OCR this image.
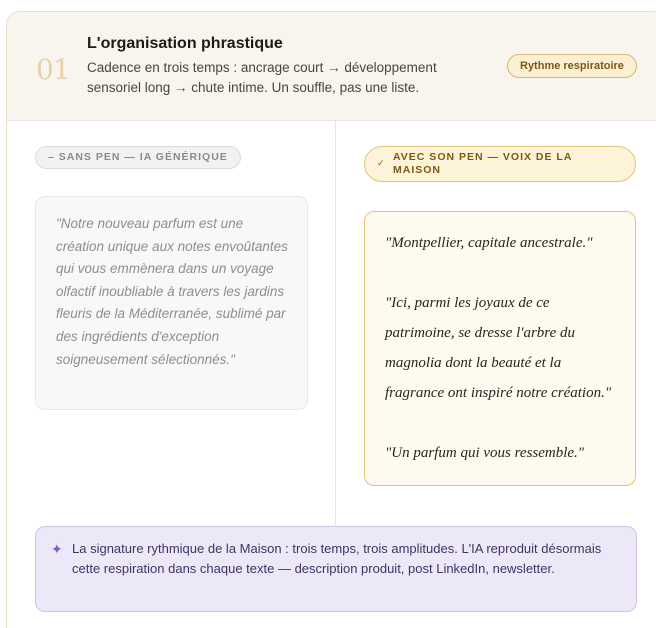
01
L'organisation phrastique
Cadence en trois temps : ancrage court → développement sensoriel long → chute intime. Un souffle, pas une liste.
Rythme respiratoire
– SANS PEN — IA GÉNÉRIQUE
"Notre nouveau parfum est une création unique aux notes envoûtantes qui vous emmènera dans un voyage olfactif inoubliable à travers les jardins fleuris de la Méditerranée, sublimé par des ingrédients d'exception soigneusement sélectionnés."
✓ AVEC SON PEN — VOIX DE LA MAISON

"Montpellier, capitale ancestrale."

"Ici, parmi les joyaux de ce patrimoine, se dresse l'arbre du magnolia dont la beauté et la fragrance ont inspiré notre création."

"Un parfum qui vous ressemble."

✦ La signature rythmique de la Maison : trois temps, trois amplitudes. L'IA reproduit désormais cette respiration dans chaque texte — description produit, post LinkedIn, newsletter.
